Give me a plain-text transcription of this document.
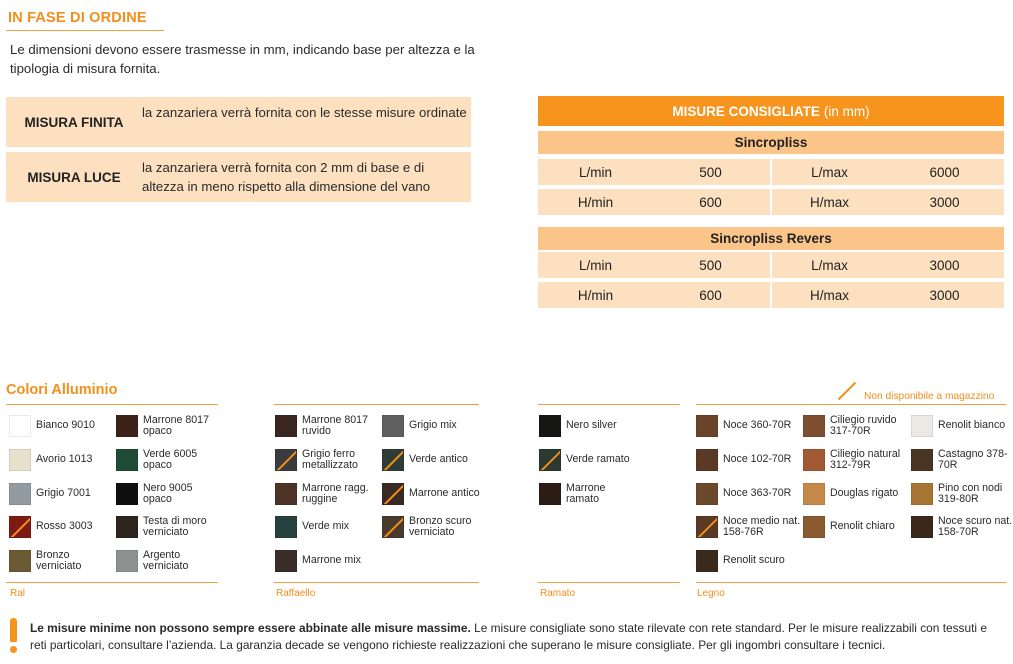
IN FASE DI ORDINE
Le dimensioni devono essere trasmesse in mm, indicando base per altezza e la tipologia di misura fornita.
MISURA FINITA
la zanzariera verrà fornita con le stesse misure ordinate
MISURA LUCE
la zanzariera verrà fornita con 2 mm di base e di altezza in meno rispetto alla dimensione del vano
MISURE CONSIGLIATE (in mm)
Sincropliss
L/min	500	L/max	6000
H/min	600	H/max	3000
Sincropliss Revers
L/min	500	L/max	3000
H/min	600	H/max	3000
Colori Alluminio	Non disponibile a magazzino
Bianco 9010	Marrone 8017 opaco
Avorio 1013	Verde 6005 opaco
Grigio 7001	Nero 9005 opaco
Rosso 3003	Testa di moro verniciato
Bronzo verniciato
Argento verniciato
Marrone 8017 ruvido	Grigio mix
Grigio ferro metallizzato	Verde antico
Marrone ragg. ruggine	Marrone antico
Verde mix	Bronzo scuro verniciato
Marrone mix
Nero silver
Verde ramato
Marrone ramato
Noce 360-70R	Ciliegio ruvido 317-70R	Renolit bianco
Noce 102-70R	Ciliegio natural 312-79R
Castagno 378-70R
Noce 363-70R	Douglas rigato	Pino con nodi 319-80R
Noce medio nat. 158-76R	Renolit chiaro	Noce scuro nat. 158-70R
Renolit scuro
Ral	Raffaello	Ramato	Legno
Le misure minime non possono sempre essere abbinate alle misure massime. Le misure consigliate sono state rilevate con rete standard. Per le misure realizzabili con tessuti e reti particolari, consultare l’azienda. La garanzia decade se vengono richieste realizzazioni che superano le misure consigliate. Per gli ingombri consultare i tecnici.
